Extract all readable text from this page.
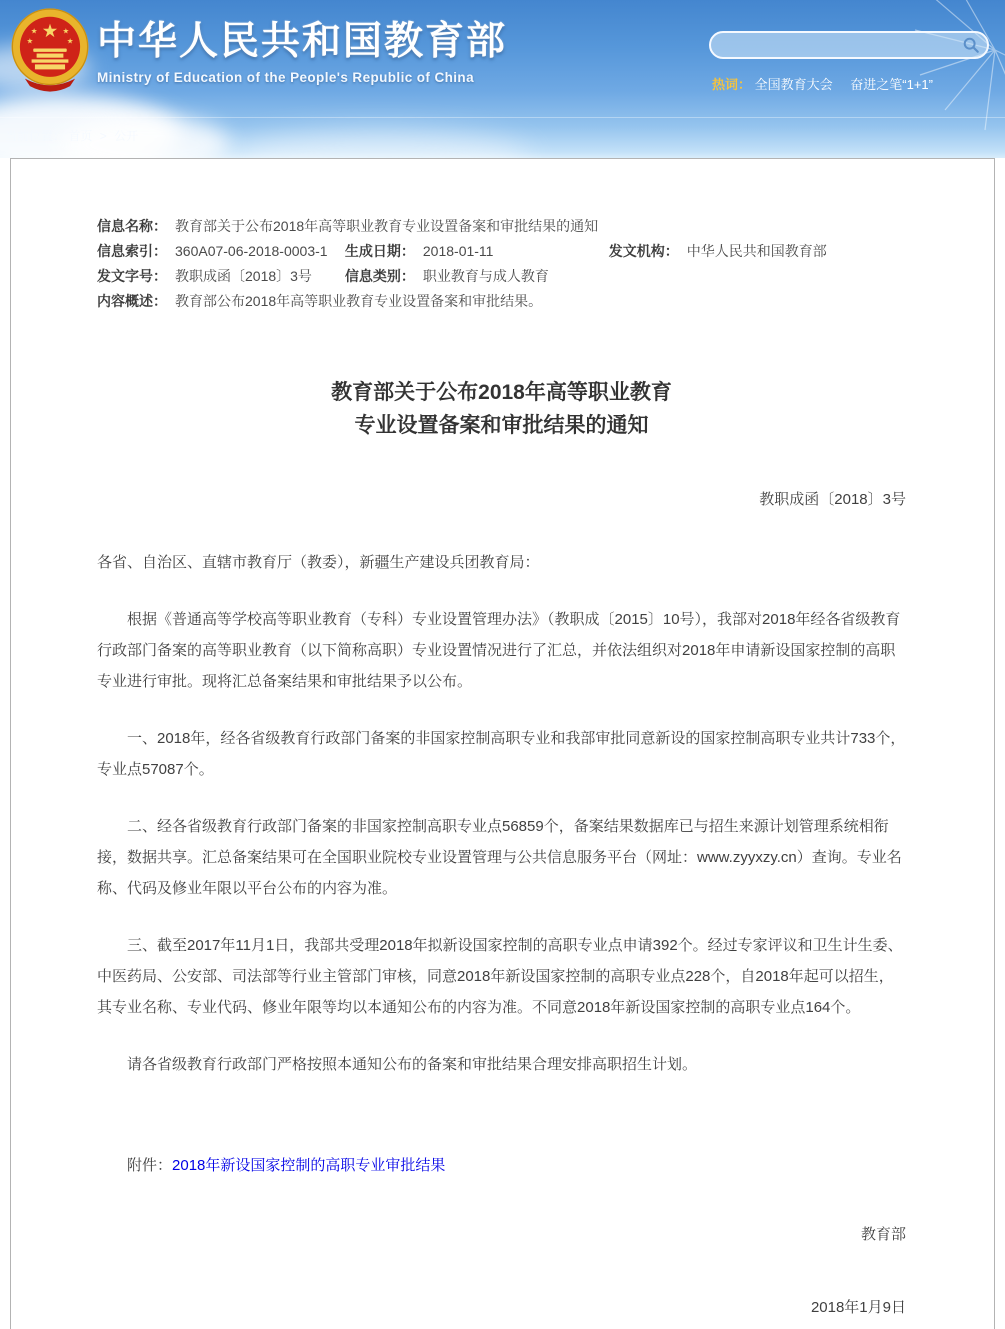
★
★	★
★	★ 中华人民共和国教育部
Ministry of Education of the People's Republic of China	热词： 全国教育大会 奋进之笔“1+1”
当前位置： 首页 > 公开
信息名称： 教育部关于公布2018年高等职业教育专业设置备案和审批结果的通知
信息索引： 360A07-06-2018-0003-1 生成日期： 2018-01-11	发文机构： 中华人民共和国教育部
发文字号： 教职成函〔2018〕3号 信息类别： 职业教育与成人教育
内容概述： 教育部公布2018年高等职业教育专业设置备案和审批结果。
教育部关于公布2018年高等职业教育
专业设置备案和审批结果的通知
教职成函〔2018〕3号

各省、自治区、直辖市教育厅（教委），新疆生产建设兵团教育局：

根据《普通高等学校高等职业教育（专科）专业设置管理办法》（教职成〔2015〕10号），我部对2018年经各省级教育行政部门备案的高等职业教育（以下简称高职）专业设置情况进行了汇总，并依法组织对2018年申请新设国家控制的高职专业进行审批。现将汇总备案结果和审批结果予以公布。

一、2018年，经各省级教育行政部门备案的非国家控制高职专业和我部审批同意新设的国家控制高职专业共计733个，专业点57087个。

二、经各省级教育行政部门备案的非国家控制高职专业点56859个，备案结果数据库已与招生来源计划管理系统相衔接，数据共享。汇总备案结果可在全国职业院校专业设置管理与公共信息服务平台（网址：www.zyyxzy.cn）查询。专业名称、代码及修业年限以平台公布的内容为准。

三、截至2017年11月1日，我部共受理2018年拟新设国家控制的高职专业点申请392个。经过专家评议和卫生计生委、中医药局、公安部、司法部等行业主管部门审核，同意2018年新设国家控制的高职专业点228个，自2018年起可以招生，其专业名称、专业代码、修业年限等均以本通知公布的内容为准。不同意2018年新设国家控制的高职专业点164个。

请各省级教育行政部门严格按照本通知公布的备案和审批结果合理安排高职招生计划。

附件：2018年新设国家控制的高职专业审批结果

教育部

2018年1月9日
